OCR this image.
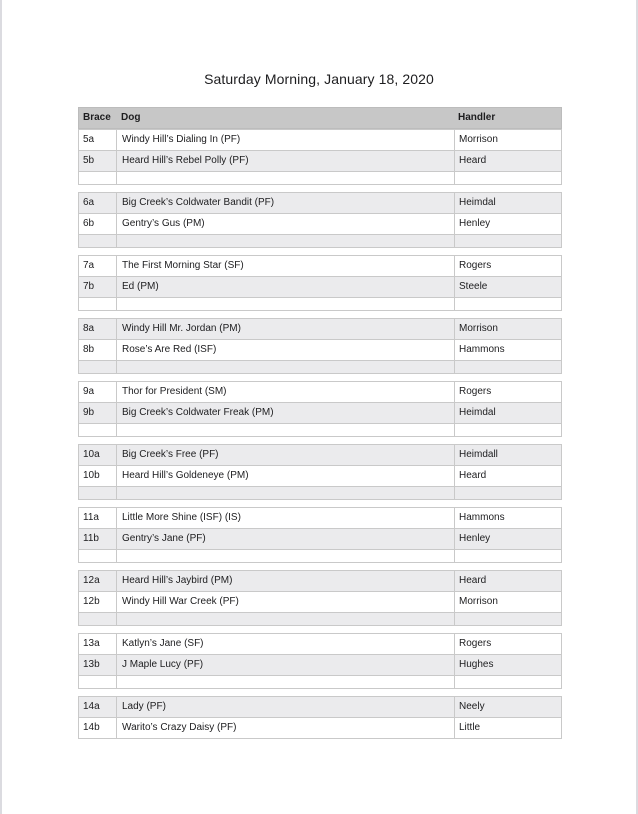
Saturday Morning, January 18, 2020
Brace	Dog	Handler
5a	Windy Hill’s Dialing In (PF)	Morrison
5b	Heard Hill’s Rebel Polly (PF)	Heard
6a	Big Creek’s Coldwater Bandit (PF)	Heimdal
6b	Gentry’s Gus (PM)	Henley
7a	The First Morning Star (SF)	Rogers
7b	Ed (PM)	Steele
8a	Windy Hill Mr. Jordan (PM)	Morrison
8b	Rose’s Are Red (ISF)	Hammons
9a	Thor for President (SM)	Rogers
9b	Big Creek’s Coldwater Freak (PM)	Heimdal
10a	Big Creek’s Free (PF)	Heimdall
10b	Heard Hill’s Goldeneye (PM)	Heard
11a	Little More Shine (ISF) (IS)	Hammons
11b	Gentry’s Jane (PF)	Henley
12a	Heard Hill’s Jaybird (PM)	Heard
12b	Windy Hill War Creek (PF)	Morrison
13a	Katlyn’s Jane (SF)	Rogers
13b	J Maple Lucy (PF)	Hughes
14a	Lady (PF)	Neely
14b	Warito’s Crazy Daisy (PF)	Little
